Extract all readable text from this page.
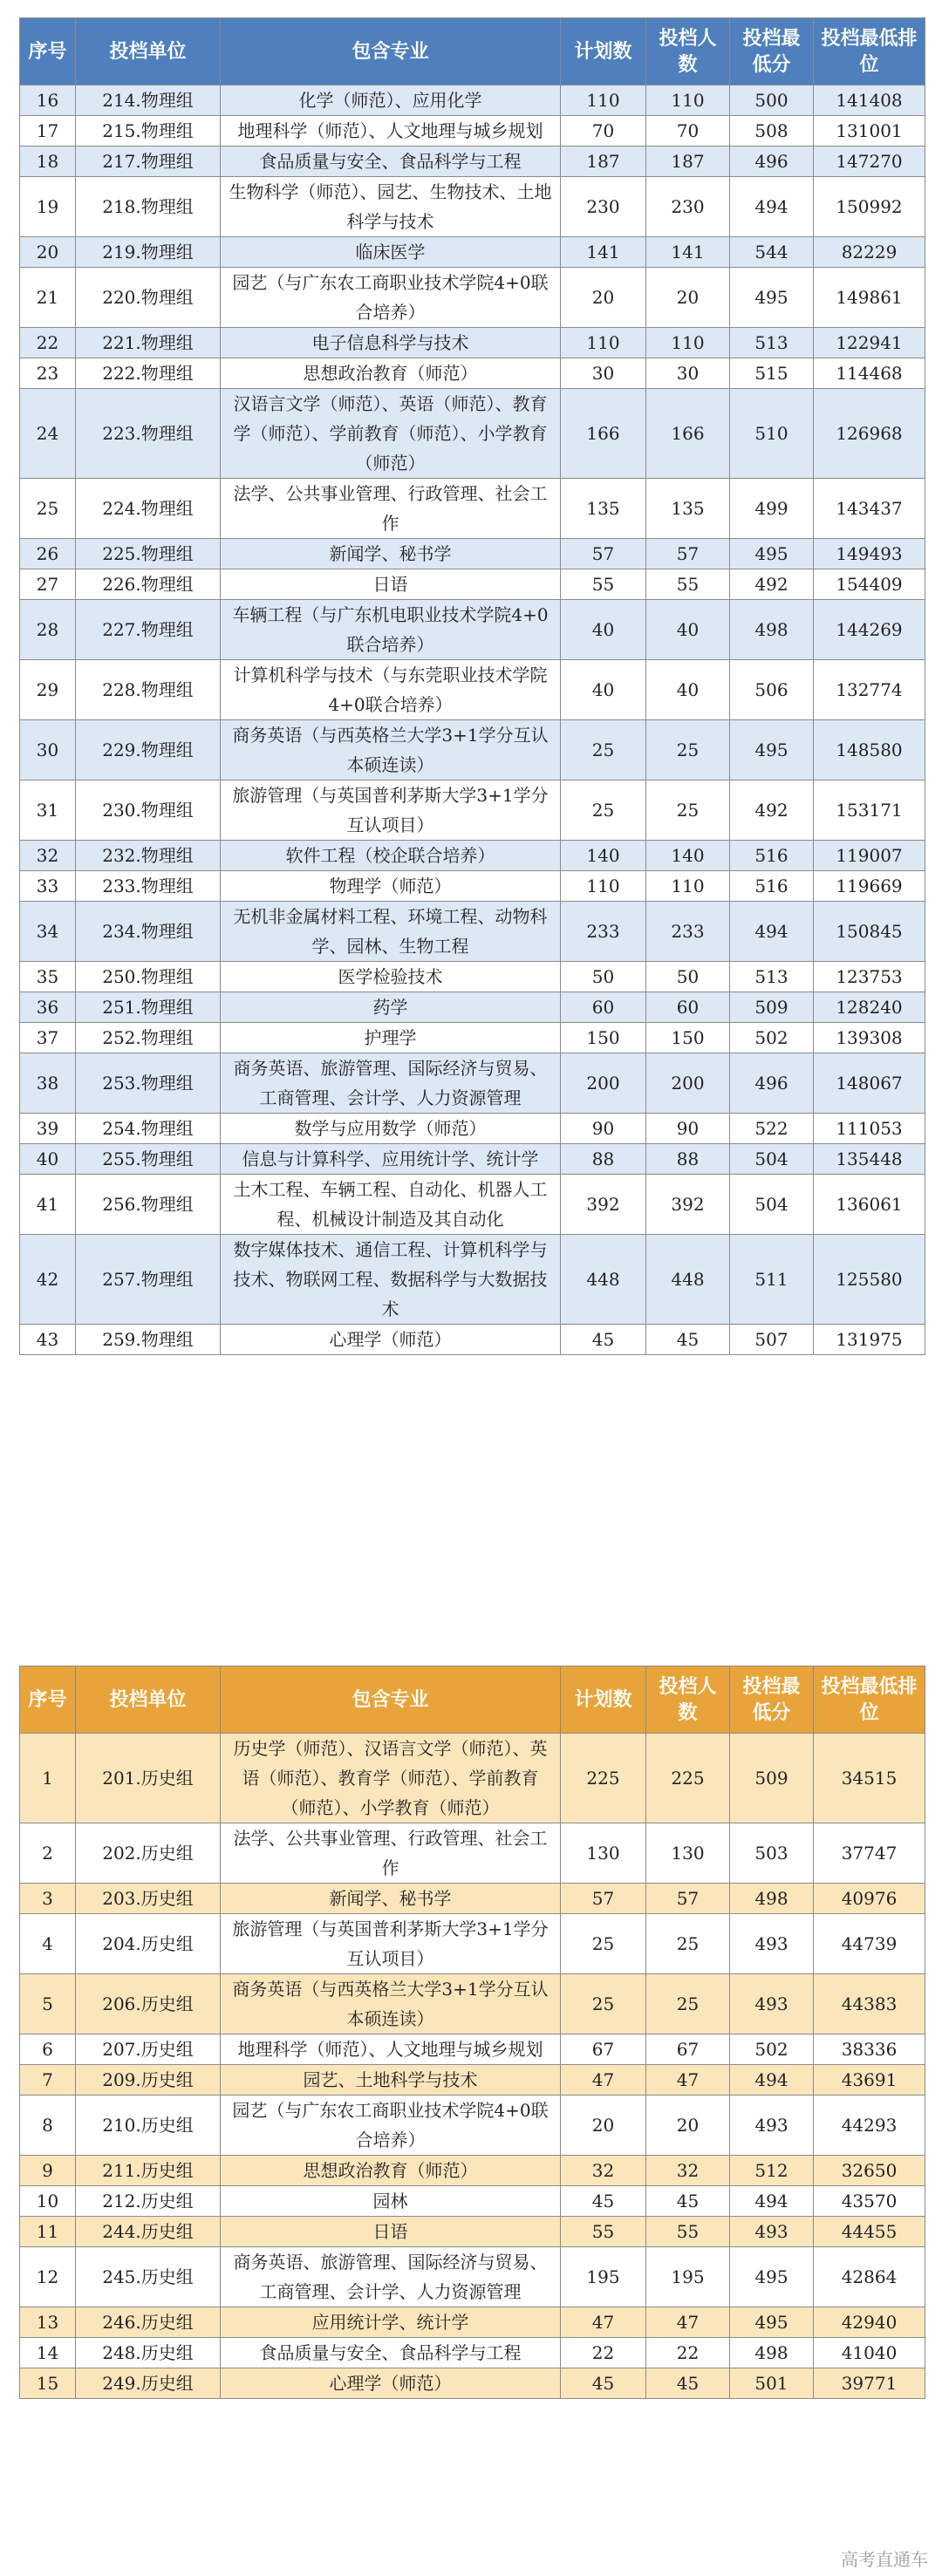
序号	投档单位	包含专业	计划数	投档人数	投档最低分	投档最低排位
16	214.物理组	化学（师范）、应用化学	110	110	500	141408
17	215.物理组	地理科学（师范）、人文地理与城乡规划	70	70	508	131001
18	217.物理组	食品质量与安全、食品科学与工程	187	187	496	147270
19	218.物理组	生物科学（师范）、园艺、生物技术、土地科学与技术	230	230	494	150992
20	219.物理组	临床医学	141	141	544	82229
21	220.物理组	园艺（与广东农工商职业技术学院4+0联合培养）	20	20	495	149861
22	221.物理组	电子信息科学与技术	110	110	513	122941
23	222.物理组	思想政治教育（师范）	30	30	515	114468
24	223.物理组	汉语言文学（师范）、英语（师范）、教育学（师范）、学前教育（师范）、小学教育（师范）	166	166	510	126968
25	224.物理组	法学、公共事业管理、行政管理、社会工作	135	135	499	143437
26	225.物理组	新闻学、秘书学	57	57	495	149493
27	226.物理组	日语	55	55	492	154409
28	227.物理组	车辆工程（与广东机电职业技术学院4+0联合培养）	40	40	498	144269
29	228.物理组	计算机科学与技术（与东莞职业技术学院4+0联合培养）	40	40	506	132774
30	229.物理组	商务英语（与西英格兰大学3+1学分互认本硕连读）	25	25	495	148580
31	230.物理组	旅游管理（与英国普利茅斯大学3+1学分互认项目）	25	25	492	153171
32	232.物理组	软件工程（校企联合培养）	140	140	516	119007
33	233.物理组	物理学（师范）	110	110	516	119669
34	234.物理组	无机非金属材料工程、环境工程、动物科学、园林、生物工程	233	233	494	150845
35	250.物理组	医学检验技术	50	50	513	123753
36	251.物理组	药学	60	60	509	128240
37	252.物理组	护理学	150	150	502	139308
38	253.物理组	商务英语、旅游管理、国际经济与贸易、工商管理、会计学、人力资源管理	200	200	496	148067
39	254.物理组	数学与应用数学（师范）	90	90	522	111053
40	255.物理组	信息与计算科学、应用统计学、统计学	88	88	504	135448
41	256.物理组	土木工程、车辆工程、自动化、机器人工程、机械设计制造及其自动化	392	392	504	136061
42	257.物理组	数字媒体技术、通信工程、计算机科学与技术、物联网工程、数据科学与大数据技术	448	448	511	125580
43	259.物理组	心理学（师范）	45	45	507	131975
序号	投档单位	包含专业	计划数	投档人数	投档最低分	投档最低排位
1	201.历史组	历史学（师范）、汉语言文学（师范）、英语（师范）、教育学（师范）、学前教育（师范）、小学教育（师范）	225	225	509	34515
2	202.历史组	法学、公共事业管理、行政管理、社会工作	130	130	503	37747
3	203.历史组	新闻学、秘书学	57	57	498	40976
4	204.历史组	旅游管理（与英国普利茅斯大学3+1学分互认项目）	25	25	493	44739
5	206.历史组	商务英语（与西英格兰大学3+1学分互认本硕连读）	25	25	493	44383
6	207.历史组	地理科学（师范）、人文地理与城乡规划	67	67	502	38336
7	209.历史组	园艺、土地科学与技术	47	47	494	43691
8	210.历史组	园艺（与广东农工商职业技术学院4+0联合培养）	20	20	493	44293
9	211.历史组	思想政治教育（师范）	32	32	512	32650
10	212.历史组	园林	45	45	494	43570
11	244.历史组	日语	55	55	493	44455
12	245.历史组	商务英语、旅游管理、国际经济与贸易、工商管理、会计学、人力资源管理	195	195	495	42864
13	246.历史组	应用统计学、统计学	47	47	495	42940
14	248.历史组	食品质量与安全、食品科学与工程	22	22	498	41040
15	249.历史组	心理学（师范）	45	45	501	39771
高考直通车
